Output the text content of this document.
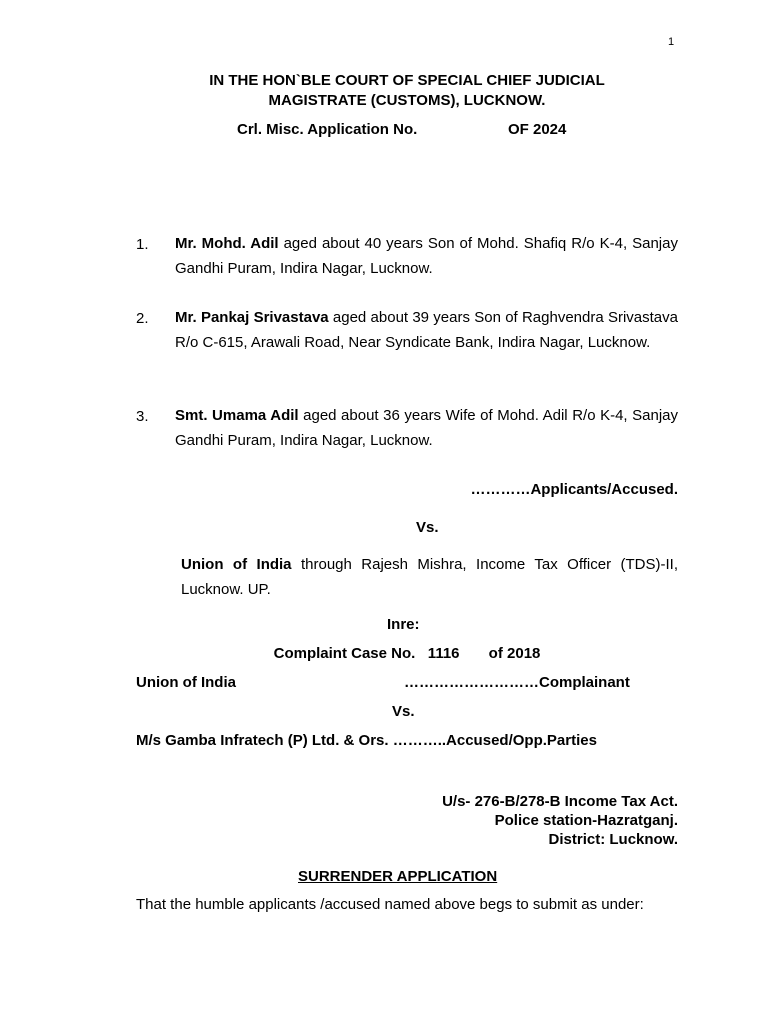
1
IN THE HON`BLE COURT OF SPECIAL CHIEF JUDICIAL
MAGISTRATE (CUSTOMS), LUCKNOW.
Crl. Misc. Application No.	OF 2024
1. Mr. Mohd. Adil aged about 40 years Son of Mohd. Shafiq R/o K-4, Sanjay Gandhi Puram, Indira Nagar, Lucknow.
2. Mr. Pankaj Srivastava aged about 39 years Son of Raghvendra Srivastava R/o C-615, Arawali Road, Near Syndicate Bank, Indira Nagar, Lucknow.
3. Smt. Umama Adil aged about 36 years Wife of Mohd. Adil R/o K-4, Sanjay Gandhi Puram, Indira Nagar, Lucknow.
…………Applicants/Accused.
Vs.
Union of India through Rajesh Mishra, Income Tax Officer (TDS)-II, Lucknow. UP.
Inre:
Complaint Case No.   1116       of 2018
Union of India	………………………Complainant
Vs.
M/s Gamba Infratech (P) Ltd. & Ors. ………..Accused/Opp.Parties
U/s- 276-B/278-B Income Tax Act.
Police station-Hazratganj.
District: Lucknow.
SURRENDER APPLICATION
That the humble applicants /accused named above begs to submit as under:
